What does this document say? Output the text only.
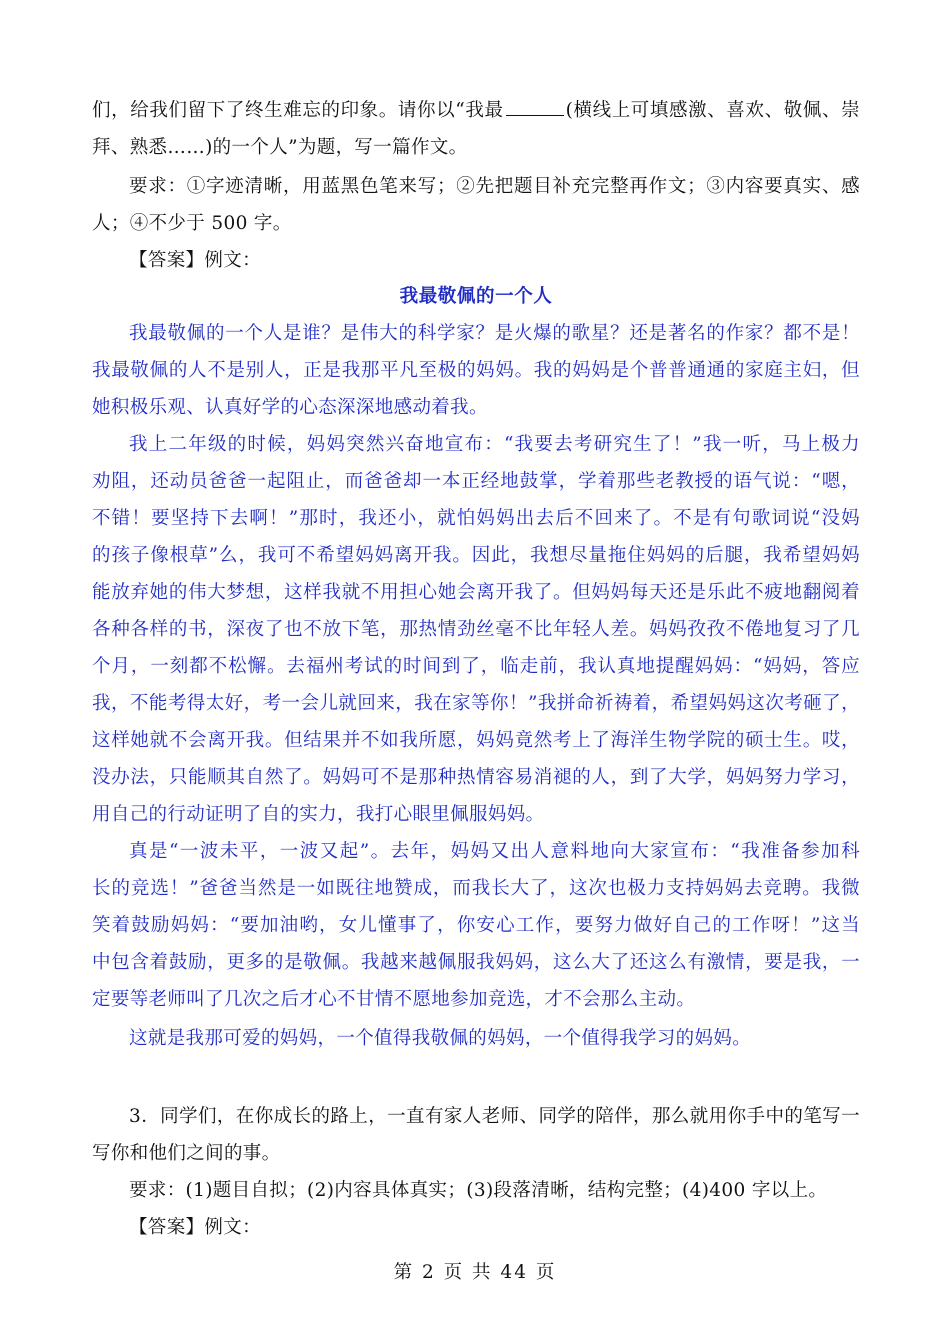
们，给我们留下了终生难忘的印象。请你以“我最	(横线上可填感激、喜欢、敬佩、崇
拜、熟悉……)的一个人”为题，写一篇作文。
要求：①字迹清晰，用蓝黑色笔来写；②先把题目补充完整再作文；③内容要真实、感
人；④不少于 500 字。
【答案】例文：
我最敬佩的一个人
我最敬佩的一个人是谁？是伟大的科学家？是火爆的歌星？还是著名的作家？都不是！
我最敬佩的人不是别人，正是我那平凡至极的妈妈。我的妈妈是个普普通通的家庭主妇，但
她积极乐观、认真好学的心态深深地感动着我。
我上二年级的时候，妈妈突然兴奋地宣布：“我要去考研究生了！”我一听，马上极力
劝阻，还动员爸爸一起阻止，而爸爸却一本正经地鼓掌，学着那些老教授的语气说：“嗯，
不错！要坚持下去啊！”那时，我还小，就怕妈妈出去后不回来了。不是有句歌词说“没妈
的孩子像根草”么，我可不希望妈妈离开我。因此，我想尽量拖住妈妈的后腿，我希望妈妈
能放弃她的伟大梦想，这样我就不用担心她会离开我了。但妈妈每天还是乐此不疲地翻阅着
各种各样的书，深夜了也不放下笔，那热情劲丝毫不比年轻人差。妈妈孜孜不倦地复习了几
个月，一刻都不松懈。去福州考试的时间到了，临走前，我认真地提醒妈妈：“妈妈，答应
我，不能考得太好，考一会儿就回来，我在家等你！”我拼命祈祷着，希望妈妈这次考砸了，
这样她就不会离开我。但结果并不如我所愿，妈妈竟然考上了海洋生物学院的硕士生。哎，
没办法，只能顺其自然了。妈妈可不是那种热情容易消褪的人，到了大学，妈妈努力学习，
用自己的行动证明了自的实力，我打心眼里佩服妈妈。
真是“一波未平，一波又起”。去年，妈妈又出人意料地向大家宣布：“我准备参加科
长的竞选！”爸爸当然是一如既往地赞成，而我长大了，这次也极力支持妈妈去竞聘。我微
笑着鼓励妈妈：“要加油哟，女儿懂事了，你安心工作，要努力做好自己的工作呀！”这当
中包含着鼓励，更多的是敬佩。我越来越佩服我妈妈，这么大了还这么有激情，要是我，一
定要等老师叫了几次之后才心不甘情不愿地参加竞选，才不会那么主动。
这就是我那可爱的妈妈，一个值得我敬佩的妈妈，一个值得我学习的妈妈。
3．同学们，在你成长的路上，一直有家人老师、同学的陪伴，那么就用你手中的笔写一
写你和他们之间的事。
要求：(1)题目自拟；(2)内容具体真实；(3)段落清晰，结构完整；(4)400 字以上。
【答案】例文：
第 2 页 共 44 页
